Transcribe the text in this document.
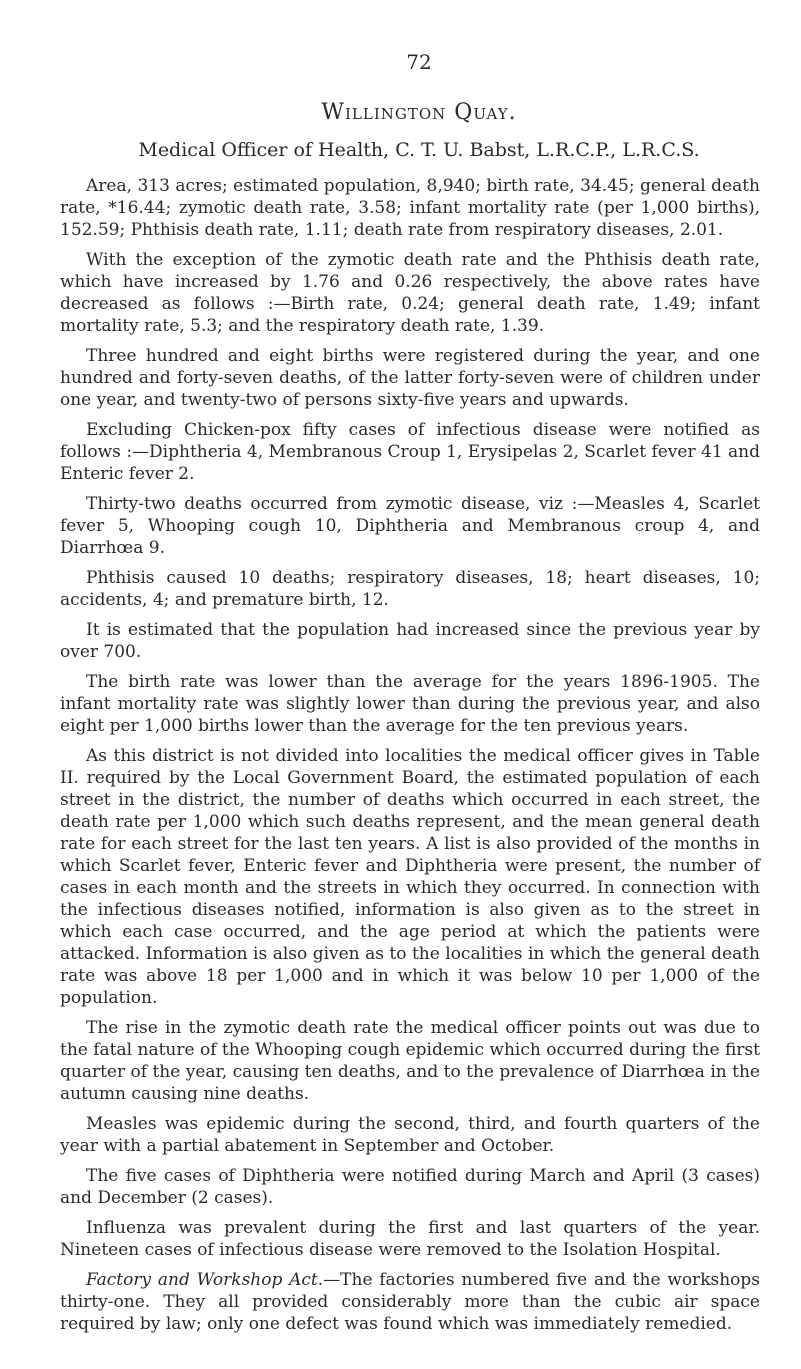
72
Willington Quay.
Medical Officer of Health, C. T. U. Babst, L.R.C.P., L.R.C.S.

Area, 313 acres; estimated population, 8,940; birth rate, 34.45; general death rate, *16.44; zymotic death rate, 3.58; infant mortality rate (per 1,000 births), 152.59; Phthisis death rate, 1.11; death rate from respiratory diseases, 2.01.

With the exception of the zymotic death rate and the Phthisis death rate, which have increased by 1.76 and 0.26 respectively, the above rates have decreased as follows :—Birth rate, 0.24; general death rate, 1.49; infant mortality rate, 5.3; and the respiratory death rate, 1.39.

Three hundred and eight births were registered during the year, and one hundred and forty-seven deaths, of the latter forty-seven were of children under one year, and twenty-two of persons sixty-five years and upwards.

Excluding Chicken-pox fifty cases of infectious disease were notified as follows :—Diphtheria 4, Membranous Croup 1, Erysipelas 2, Scarlet fever 41 and Enteric fever 2.

Thirty-two deaths occurred from zymotic disease, viz :—Measles 4, Scarlet fever 5, Whooping cough 10, Diphtheria and Membranous croup 4, and Diarrhœa 9.

Phthisis caused 10 deaths; respiratory diseases, 18; heart diseases, 10; accidents, 4; and premature birth, 12.

It is estimated that the population had increased since the previous year by over 700.

The birth rate was lower than the average for the years 1896-1905. The infant mortality rate was slightly lower than during the previous year, and also eight per 1,000 births lower than the average for the ten previous years.

As this district is not divided into localities the medical officer gives in Table II. required by the Local Government Board, the estimated population of each street in the district, the number of deaths which occurred in each street, the death rate per 1,000 which such deaths represent, and the mean general death rate for each street for the last ten years. A list is also provided of the months in which Scarlet fever, Enteric fever and Diphtheria were present, the number of cases in each month and the streets in which they occurred. In connection with the infectious diseases notified, information is also given as to the street in which each case occurred, and the age period at which the patients were attacked. Information is also given as to the localities in which the general death rate was above 18 per 1,000 and in which it was below 10 per 1,000 of the population.

The rise in the zymotic death rate the medical officer points out was due to the fatal nature of the Whooping cough epidemic which occurred during the first quarter of the year, causing ten deaths, and to the prevalence of Diarrhœa in the autumn causing nine deaths.

Measles was epidemic during the second, third, and fourth quarters of the year with a partial abatement in September and October.

The five cases of Diphtheria were notified during March and April (3 cases) and December (2 cases).

Influenza was prevalent during the first and last quarters of the year. Nineteen cases of infectious disease were removed to the Isolation Hospital.

Factory and Workshop Act.—The factories numbered five and the workshops thirty-one. They all provided considerably more than the cubic air space required by law; only one defect was found which was immediately remedied.
